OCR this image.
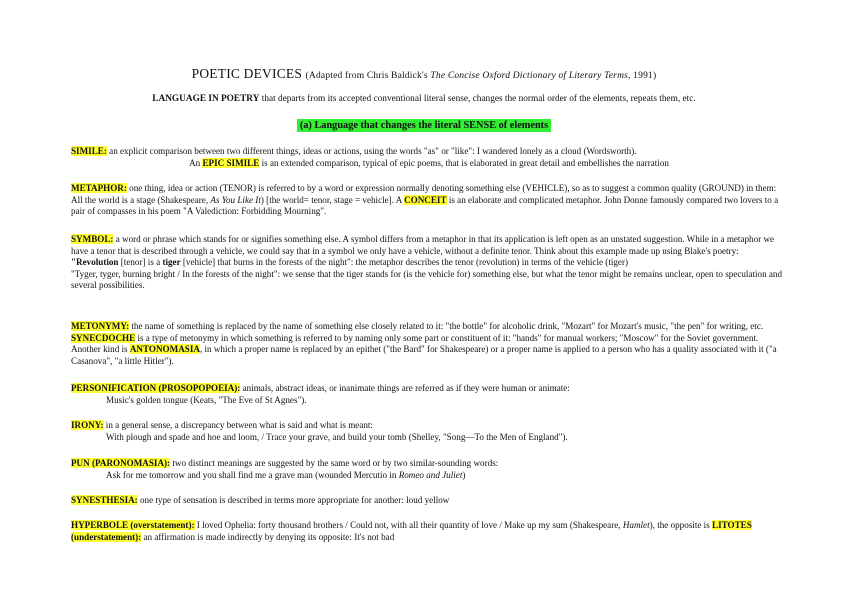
POETIC DEVICES (Adapted from Chris Baldick's The Concise Oxford Dictionary of Literary Terms, 1991)
LANGUAGE IN POETRY that departs from its accepted conventional literal sense, changes the normal order of the elements, repeats them, etc.
(a) Language that changes the literal SENSE of elements
SIMILE: an explicit comparison between two different things, ideas or actions, using the words "as" or "like": I wandered lonely as a cloud (Wordsworth).
An EPIC SIMILE is an extended comparison, typical of epic poems, that is elaborated in great detail and embellishes the narration
METAPHOR: one thing, idea or action (TENOR) is referred to by a word or expression normally denoting something else (VEHICLE), so as to suggest a common quality (GROUND) in them: All the world is a stage (Shakespeare, As You Like It) [the world= tenor, stage = vehicle]. A CONCEIT is an elaborate and complicated metaphor. John Donne famously compared two lovers to a pair of compasses in his poem "A Valediction: Forbidding Mourning".
SYMBOL: a word or phrase which stands for or signifies something else. A symbol differs from a metaphor in that its application is left open as an unstated suggestion. While in a metaphor we have a tenor that is described through a vehicle, we could say that in a symbol we only have a vehicle, without a definite tenor. Think about this example made up using Blake's poetry:
"Revolution [tenor] is a tiger [vehicle] that burns in the forests of the night": the metaphor describes the tenor (revolution) in terms of the vehicle (tiger)
"Tyger, tyger, burning bright / In the forests of the night": we sense that the tiger stands for (is the vehicle for) something else, but what the tenor might be remains unclear, open to speculation and several possibilities.
METONYMY: the name of something is replaced by the name of something else closely related to it: "the bottle" for alcoholic drink, "Mozart" for Mozart's music, "the pen" for writing, etc. SYNECDOCHE is a type of metonymy in which something is referred to by naming only some part or constituent of it: "hands" for manual workers; "Moscow" for the Soviet government. Another kind is ANTONOMASIA, in which a proper name is replaced by an epithet ("the Bard" for Shakespeare) or a proper name is applied to a person who has a quality associated with it ("a Casanova", "a little Hitler").
PERSONIFICATION (PROSOPOPOEIA): animals, abstract ideas, or inanimate things are referred as if they were human or animate:
Music's golden tongue (Keats, "The Eve of St Agnes").
IRONY: in a general sense, a discrepancy between what is said and what is meant:
With plough and spade and hoe and loom, / Trace your grave, and build your tomb (Shelley, "Song—To the Men of England").
PUN (PARONOMASIA): two distinct meanings are suggested by the same word or by two similar-sounding words:
Ask for me tomorrow and you shall find me a grave man (wounded Mercutio in Romeo and Juliet)
SYNESTHESIA: one type of sensation is described in terms more appropriate for another: loud yellow
HYPERBOLE (overstatement): I loved Ophelia: forty thousand brothers / Could not, with all their quantity of love / Make up my sum (Shakespeare, Hamlet), the opposite is LITOTES (understatement): an affirmation is made indirectly by denying its opposite: It's not bad
